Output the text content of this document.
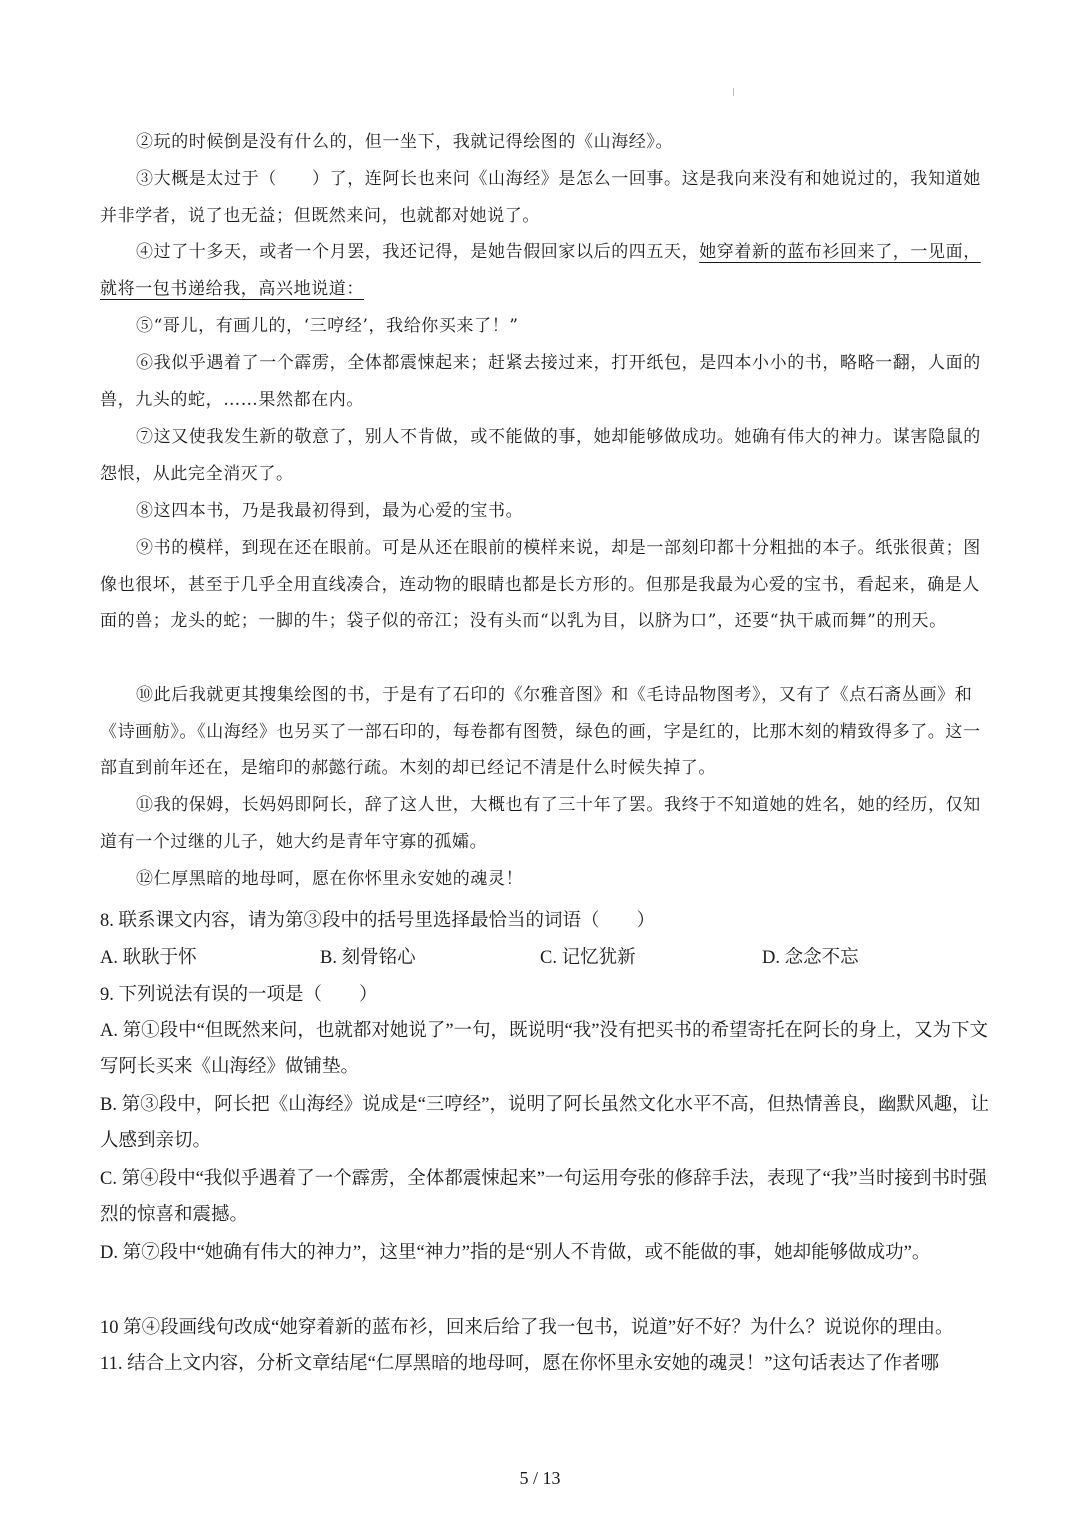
②玩的时候倒是没有什么的，但一坐下，我就记得绘图的《山海经》。

③大概是太过于（　　）了，连阿长也来问《山海经》是怎么一回事。这是我向来没有和她说过的，我知道她并非学者，说了也无益；但既然来问，也就都对她说了。

④过了十多天，或者一个月罢，我还记得，是她告假回家以后的四五天，她穿着新的蓝布衫回来了，一见面，就将一包书递给我，高兴地说道：

⑤“哥儿，有画儿的，‘三哼经’，我给你买来了！”

⑥我似乎遇着了一个霹雳，全体都震悚起来；赶紧去接过来，打开纸包，是四本小小的书，略略一翻，人面的兽，九头的蛇，……果然都在内。

⑦这又使我发生新的敬意了，别人不肯做，或不能做的事，她却能够做成功。她确有伟大的神力。谋害隐鼠的怨恨，从此完全消灭了。

⑧这四本书，乃是我最初得到，最为心爱的宝书。

⑨书的模样，到现在还在眼前。可是从还在眼前的模样来说，却是一部刻印都十分粗拙的本子。纸张很黄；图像也很坏，甚至于几乎全用直线凑合，连动物的眼睛也都是长方形的。但那是我最为心爱的宝书，看起来，确是人面的兽；龙头的蛇；一脚的牛；袋子似的帝江；没有头而“以乳为目，以脐为口”，还要“执干戚而舞”的刑天。

⑩此后我就更其搜集绘图的书，于是有了石印的《尔雅音图》和《毛诗品物图考》，又有了《点石斋丛画》和《诗画舫》。《山海经》也另买了一部石印的，每卷都有图赞，绿色的画，字是红的，比那木刻的精致得多了。这一部直到前年还在，是缩印的郝懿行疏。木刻的却已经记不清是什么时候失掉了。

⑪我的保姆，长妈妈即阿长，辞了这人世，大概也有了三十年了罢。我终于不知道她的姓名，她的经历，仅知道有一个过继的儿子，她大约是青年守寡的孤孀。

⑫仁厚黑暗的地母呵，愿在你怀里永安她的魂灵！

8. 联系课文内容，请为第③段中的括号里选择最恰当的词语（　　）

A. 耿耿于怀	B. 刻骨铭心	C. 记忆犹新	D. 念念不忘

9. 下列说法有误的一项是（　　）

A. 第①段中“但既然来问，也就都对她说了”一句，既说明“我”没有把买书的希望寄托在阿长的身上，又为下文写阿长买来《山海经》做铺垫。

B. 第③段中，阿长把《山海经》说成是“三哼经”，说明了阿长虽然文化水平不高，但热情善良，幽默风趣，让人感到亲切。

C. 第④段中“我似乎遇着了一个霹雳，全体都震悚起来”一句运用夸张的修辞手法，表现了“我”当时接到书时强烈的惊喜和震撼。

D. 第⑦段中“她确有伟大的神力”，这里“神力”指的是“别人不肯做，或不能做的事，她却能够做成功”。

10 第④段画线句改成“她穿着新的蓝布衫，回来后给了我一包书，说道”好不好？为什么？说说你的理由。

11. 结合上文内容，分析文章结尾“仁厚黑暗的地母呵，愿在你怀里永安她的魂灵！”这句话表达了作者哪

5 / 13
